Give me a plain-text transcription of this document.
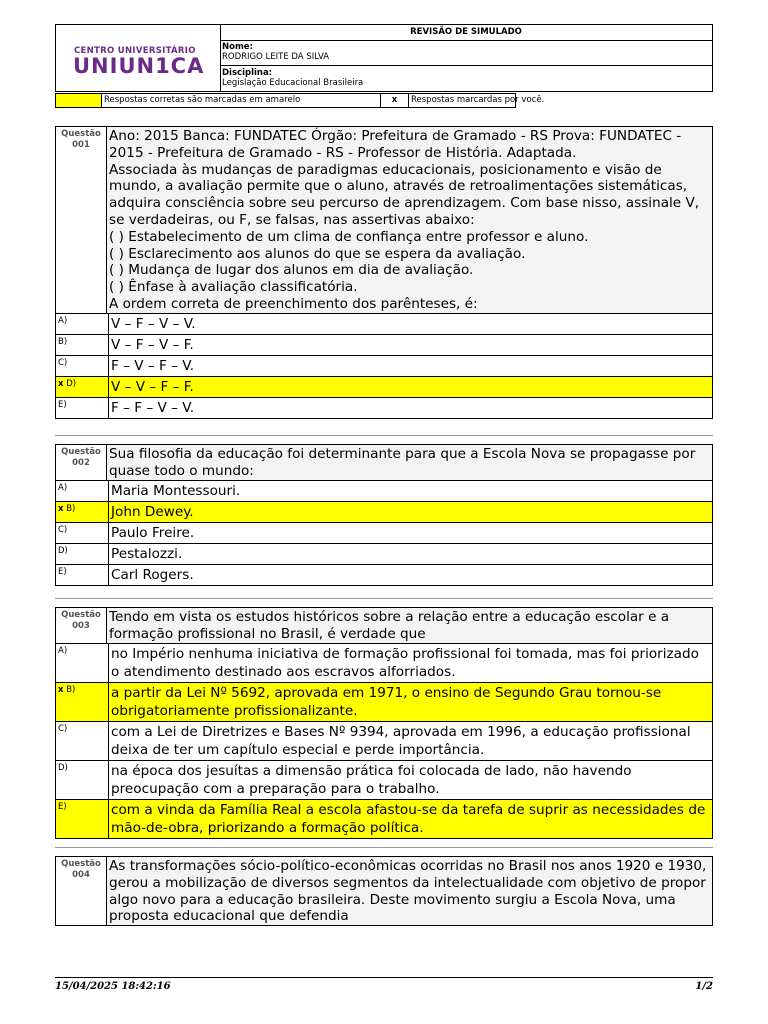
CENTRO UNIVERSITÁRIO
UNIUN1CA
REVISÃO DE SIMULADO
Nome:
RODRIGO LEITE DA SILVA
Disciplina:
Legislação Educacional Brasileira
Respostas corretas são marcadas em amarelo	x	Respostas marcardas por você.
Questão
001
Ano: 2015 Banca: FUNDATEC Órgão: Prefeitura de Gramado - RS Prova: FUNDATEC -
2015 - Prefeitura de Gramado - RS - Professor de História. Adaptada.
Associada às mudanças de paradigmas educacionais, posicionamento e visão de
mundo, a avaliação permite que o aluno, através de retroalimentações sistemáticas,
adquira consciência sobre seu percurso de aprendizagem. Com base nisso, assinale V,
se verdadeiras, ou F, se falsas, nas assertivas abaixo:
( ) Estabelecimento de um clima de confiança entre professor e aluno.
( ) Esclarecimento aos alunos do que se espera da avaliação.
( ) Mudança de lugar dos alunos em dia de avaliação.
( ) Ênfase à avaliação classificatória.
A ordem correta de preenchimento dos parênteses, é:
A)	V – F – V – V.
B)	V – F – V – F.
C)	F – V – F – V.
x D)	V – V – F – F.
E)	F – F – V – V.
Questão
002
Sua filosofia da educação foi determinante para que a Escola Nova se propagasse por
quase todo o mundo:
A)	Maria Montessouri.
x B)	John Dewey.
C)	Paulo Freire.
D)	Pestalozzi.
E)	Carl Rogers.
Questão
003
Tendo em vista os estudos históricos sobre a relação entre a educação escolar e a
formação profissional no Brasil, é verdade que
A)	no Império nenhuma iniciativa de formação profissional foi tomada, mas foi priorizado o atendimento destinado aos escravos alforriados.
x B)	a partir da Lei Nº 5692, aprovada em 1971, o ensino de Segundo Grau tornou-se obrigatoriamente profissionalizante.
C)	com a Lei de Diretrizes e Bases Nº 9394, aprovada em 1996, a educação profissional deixa de ter um capítulo especial e perde importância.
D)	na época dos jesuítas a dimensão prática foi colocada de lado, não havendo preocupação com a preparação para o trabalho.
E)	com a vinda da Família Real a escola afastou-se da tarefa de suprir as necessidades de mão-de-obra, priorizando a formação política.
Questão
004
As transformações sócio-político-econômicas ocorridas no Brasil nos anos 1920 e 1930,
gerou a mobilização de diversos segmentos da intelectualidade com objetivo de propor
algo novo para a educação brasileira. Deste movimento surgiu a Escola Nova, uma
proposta educacional que defendia
15/04/2025 18:42:16	1/2
